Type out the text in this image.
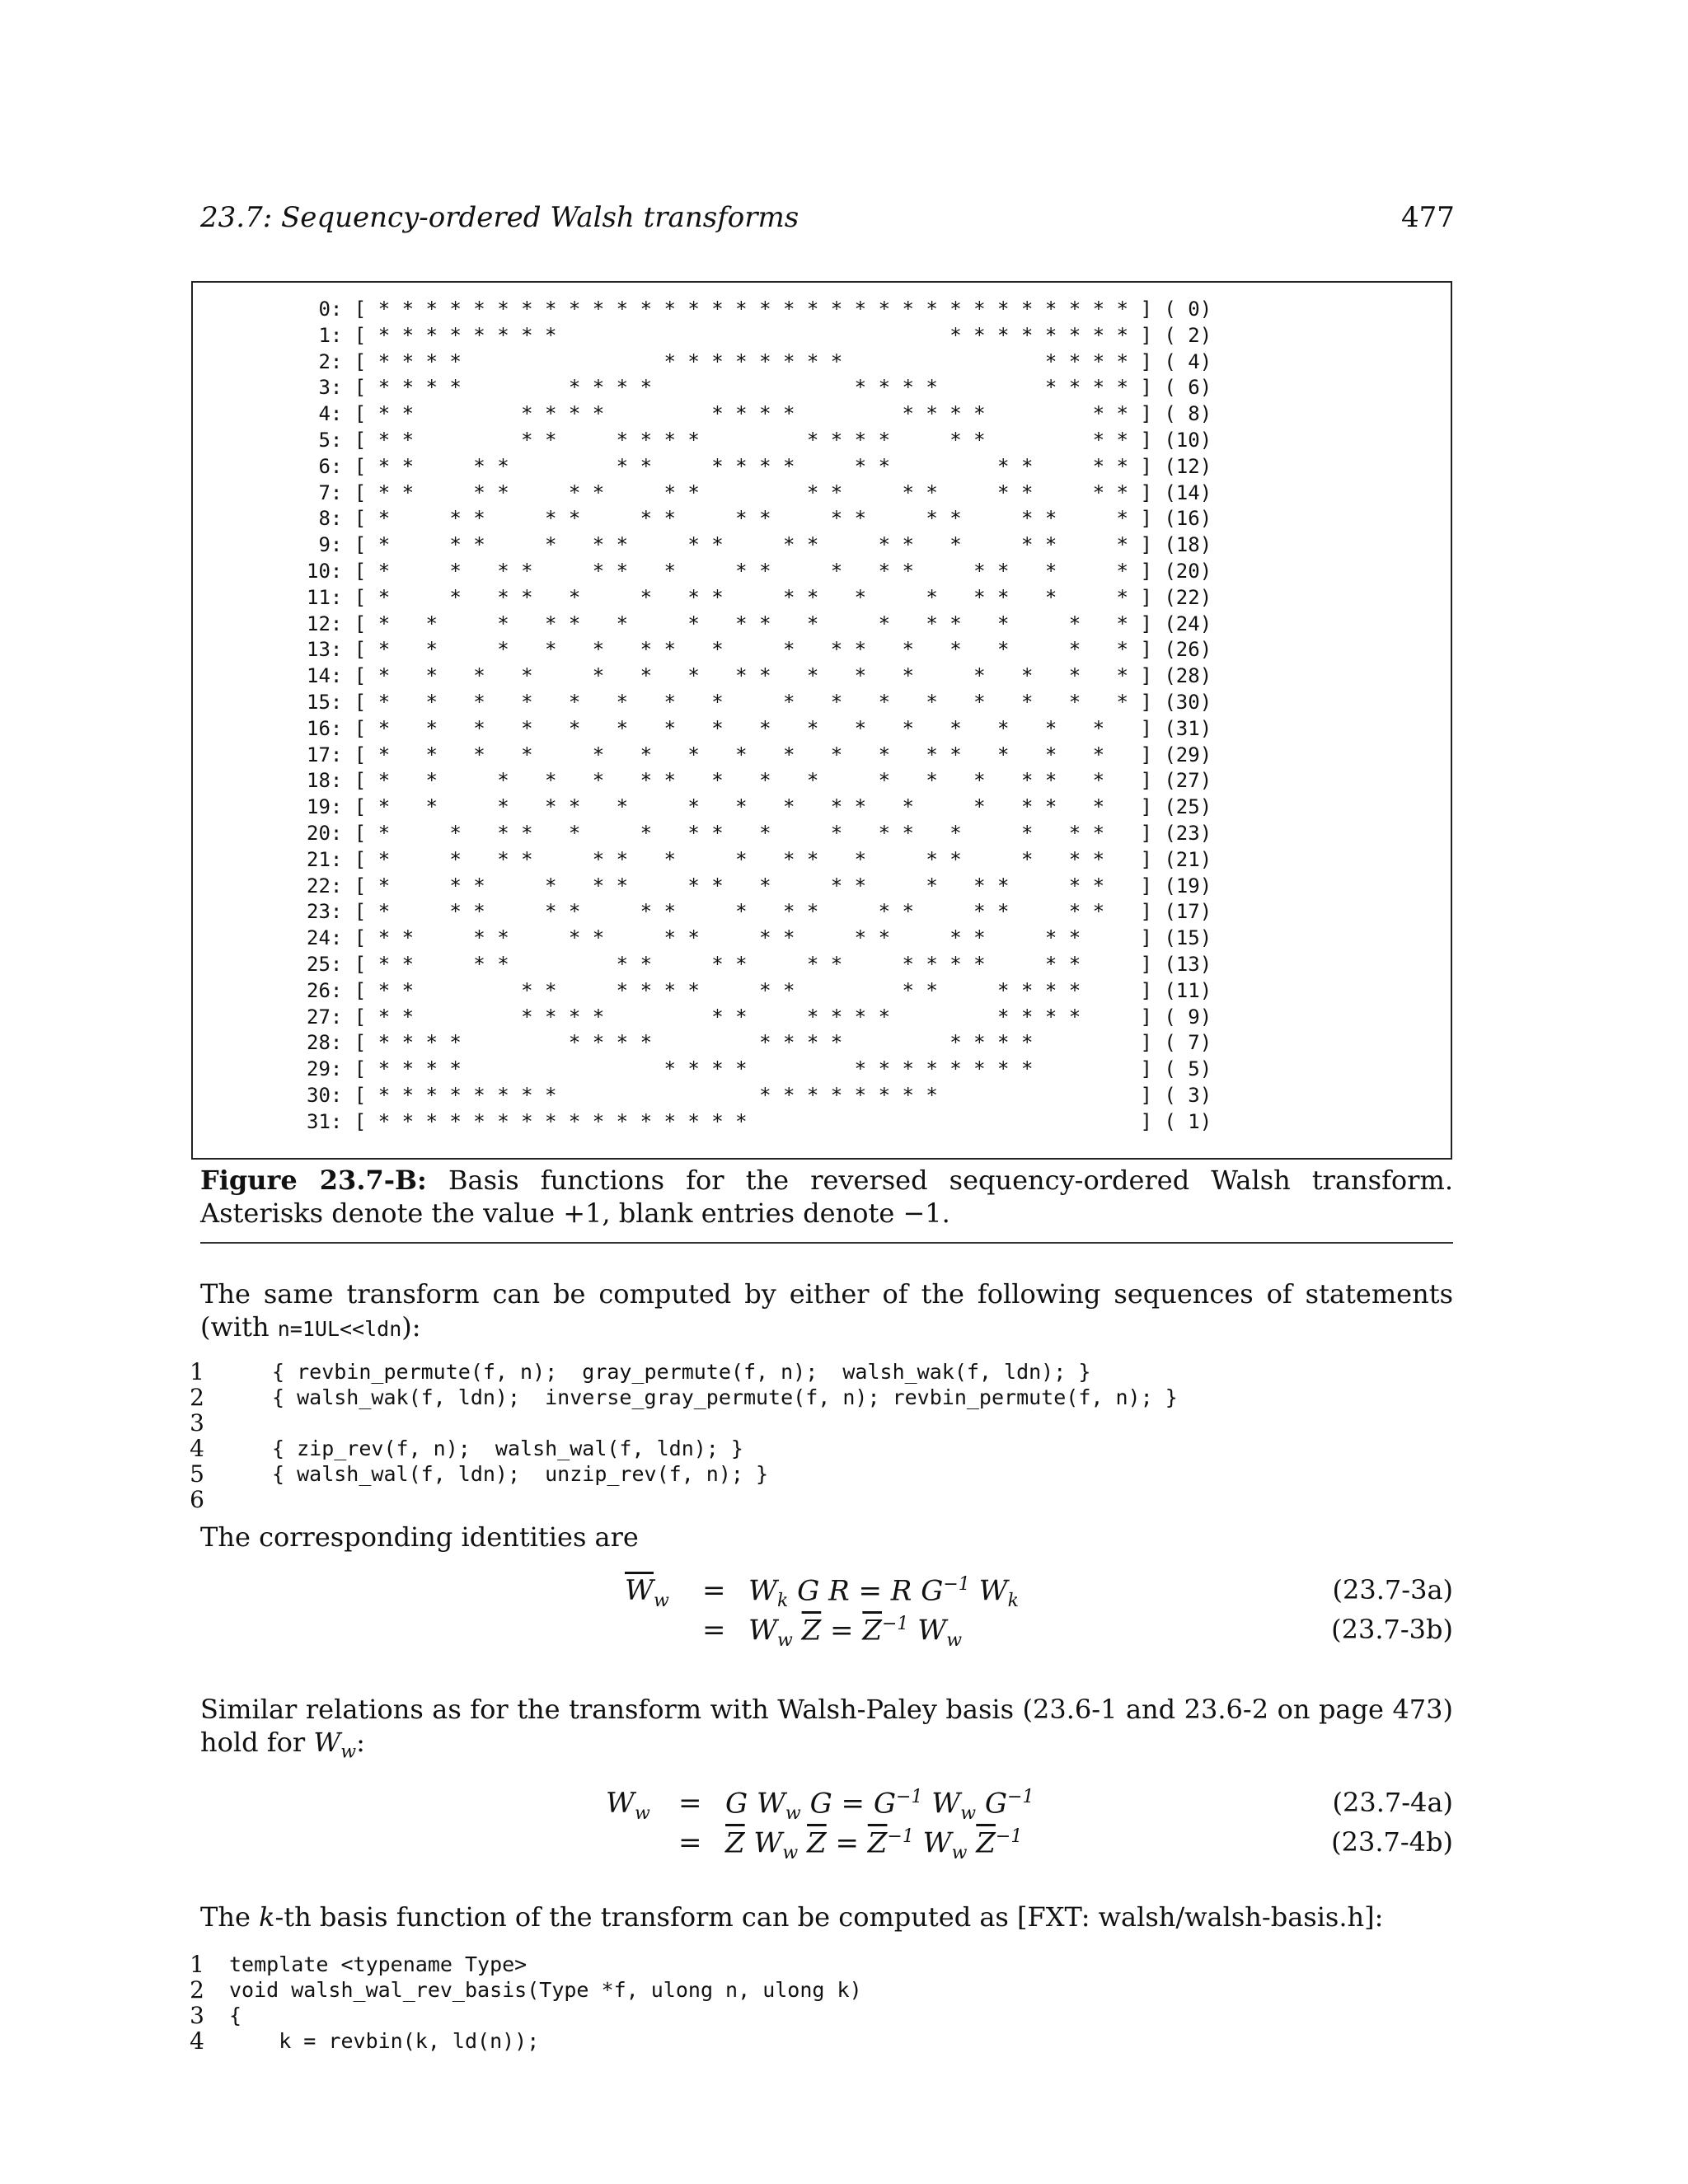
23.7: Sequency-ordered Walsh transforms	477
0: [ * * * * * * * * * * * * * * * * * * * * * * * * * * * * * * * * ] ( 0)
1: [ * * * * * * * *                                 * * * * * * * * ] ( 2)
2: [ * * * *                 * * * * * * * *                 * * * * ] ( 4)
3: [ * * * *         * * * *                 * * * *         * * * * ] ( 6)
4: [ * *         * * * *         * * * *         * * * *         * * ] ( 8)
5: [ * *         * *     * * * *         * * * *     * *         * * ] (10)
6: [ * *     * *         * *     * * * *     * *         * *     * * ] (12)
7: [ * *     * *     * *     * *         * *     * *     * *     * * ] (14)
8: [ *     * *     * *     * *     * *     * *     * *     * *     * ] (16)
9: [ *     * *     *   * *     * *     * *     * *   *     * *     * ] (18)
10: [ *     *   * *     * *   *     * *     *   * *     * *   *     * ] (20)
11: [ *     *   * *   *     *   * *     * *   *     *   * *   *     * ] (22)
12: [ *   *     *   * *   *     *   * *   *     *   * *   *     *   * ] (24)
13: [ *   *     *   *   *   * *   *     *   * *   *   *   *     *   * ] (26)
14: [ *   *   *   *     *   *   *   * *   *   *   *     *   *   *   * ] (28)
15: [ *   *   *   *   *   *   *   *     *   *   *   *   *   *   *   * ] (30)
16: [ *   *   *   *   *   *   *   *   *   *   *   *   *   *   *   *   ] (31)
17: [ *   *   *   *     *   *   *   *   *   *   *   * *   *   *   *   ] (29)
18: [ *   *     *   *   *   * *   *   *   *     *   *   *   * *   *   ] (27)
19: [ *   *     *   * *   *     *   *   *   * *   *     *   * *   *   ] (25)
20: [ *     *   * *   *     *   * *   *     *   * *   *     *   * *   ] (23)
21: [ *     *   * *     * *   *     *   * *   *     * *     *   * *   ] (21)
22: [ *     * *     *   * *     * *   *     * *     *   * *     * *   ] (19)
23: [ *     * *     * *     * *     *   * *     * *     * *     * *   ] (17)
24: [ * *     * *     * *     * *     * *     * *     * *     * *     ] (15)
25: [ * *     * *         * *     * *     * *     * * * *     * *     ] (13)
26: [ * *         * *     * * * *     * *         * *     * * * *     ] (11)
27: [ * *         * * * *         * *     * * * *         * * * *     ] ( 9)
28: [ * * * *         * * * *         * * * *         * * * *         ] ( 7)
29: [ * * * *                 * * * *         * * * * * * * *         ] ( 5)
30: [ * * * * * * * *                 * * * * * * * *                 ] ( 3)
31: [ * * * * * * * * * * * * * * * *                                 ] ( 1)
Figure 23.7-B: Basis functions for the reversed sequency-ordered Walsh transform. Asterisks denote the value +1, blank entries denote −1.
The same transform can be computed by either of the following sequences of statements (with n=1UL<<ldn):
1	{ revbin_permute(f, n);  gray_permute(f, n);  walsh_wak(f, ldn); }
2	{ walsh_wak(f, ldn);  inverse_gray_permute(f, n); revbin_permute(f, n); }
3
4	{ zip_rev(f, n);  walsh_wal(f, ldn); }
5	{ walsh_wal(f, ldn);  unzip_rev(f, n); }
6
The corresponding identities are
$\overline{W}_w = W_k$ G R = R $G^{-1}$ $W_k$	(23.7-3a)
= $W_w$ $\overline{Z} = \overline{Z}^{-1}$ $W_w$	(23.7-3b)
Similar relations as for the transform with Walsh-Paley basis (23.6-1 and 23.6-2 on page 473) hold for $W_w$:
$W_w = G$ $W_w$ $G = G^{-1}$ $W_w$ $G^{-1}$	(23.7-4a)
= $\overline{Z}$ $W_w$ $\overline{Z} = \overline{Z}^{-1}$ $W_w$ $\overline{Z}^{-1}$	(23.7-4b)
The k-th basis function of the transform can be computed as [FXT: walsh/walsh-basis.h]:
1 template <typename Type>
2 void walsh_wal_rev_basis(Type *f, ulong n, ulong k)
3 {
4 k = revbin(k, ld(n));
